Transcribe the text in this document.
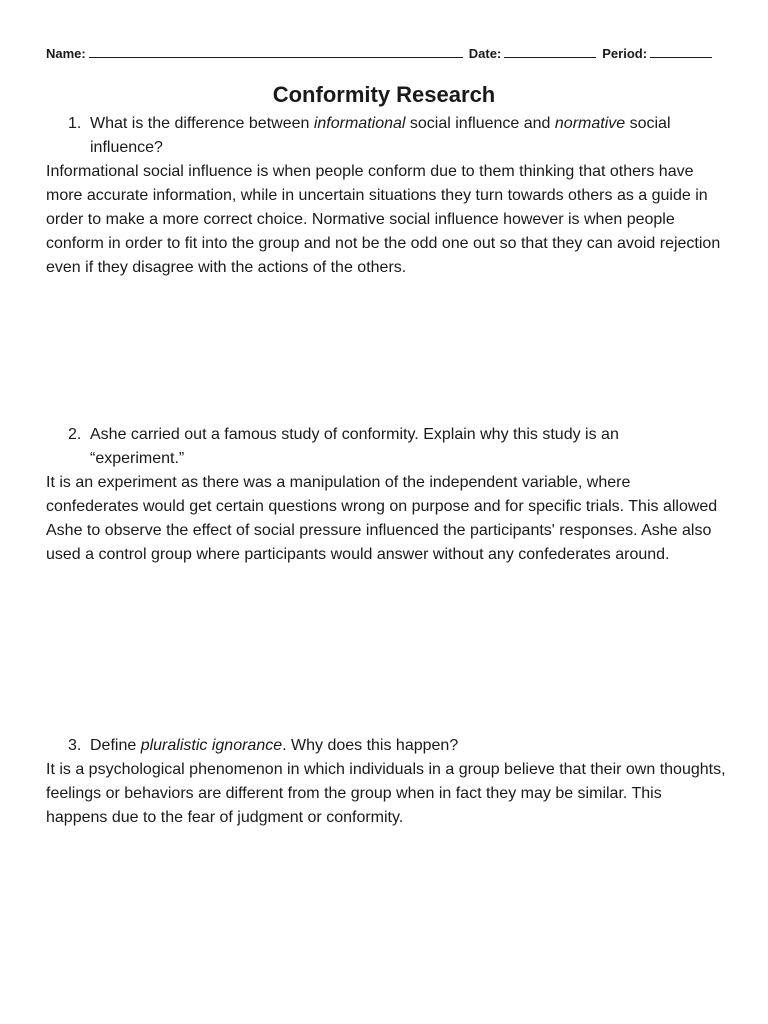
Name:	Date:	Period:
Conformity Research
1. What is the difference between informational social influence and normative social influence?
Informational social influence is when people conform due to them thinking that others have more accurate information, while in uncertain situations they turn towards others as a guide in order to make a more correct choice. Normative social influence however is when people conform in order to fit into the group and not be the odd one out so that they can avoid rejection even if they disagree with the actions of the others.
2. Ashe carried out a famous study of conformity. Explain why this study is an “experiment.”
It is an experiment as there was a manipulation of the independent variable, where confederates would get certain questions wrong on purpose and for specific trials. This allowed Ashe to observe the effect of social pressure influenced the participants' responses. Ashe also used a control group where participants would answer without any confederates around.
3. Define pluralistic ignorance. Why does this happen?
It is a psychological phenomenon in which individuals in a group believe that their own thoughts, feelings or behaviors are different from the group when in fact they may be similar. This happens due to the fear of judgment or conformity.
